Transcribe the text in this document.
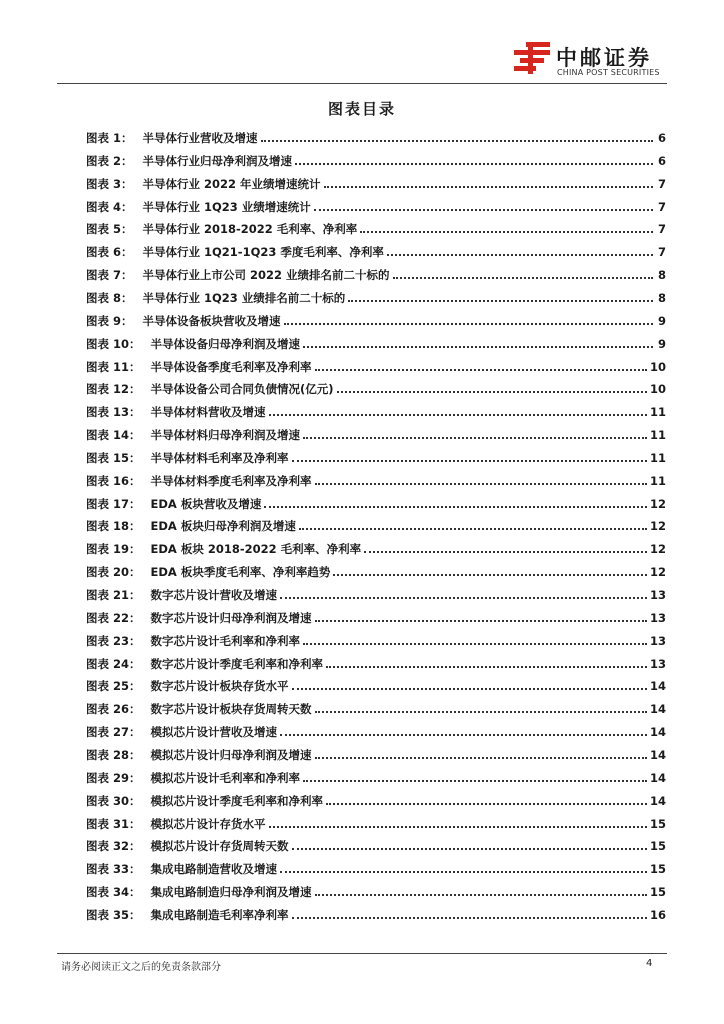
中邮证券
CHINA POST SECURITIES
图表目录
图表 1： 半导体行业营收及增速	6
图表 2： 半导体行业归母净利润及增速	6
图表 3： 半导体行业 2022 年业绩增速统计	7
图表 4： 半导体行业 1Q23 业绩增速统计	7
图表 5： 半导体行业 2018-2022 毛利率、净利率	7
图表 6： 半导体行业 1Q21-1Q23 季度毛利率、净利率	7
图表 7： 半导体行业上市公司 2022 业绩排名前二十标的	8
图表 8： 半导体行业 1Q23 业绩排名前二十标的	8
图表 9： 半导体设备板块营收及增速	9
图表 10： 半导体设备归母净利润及增速	9
图表 11： 半导体设备季度毛利率及净利率	10
图表 12： 半导体设备公司合同负债情况(亿元)	10
图表 13： 半导体材料营收及增速	11
图表 14： 半导体材料归母净利润及增速	11
图表 15： 半导体材料毛利率及净利率	11
图表 16： 半导体材料季度毛利率及净利率	11
图表 17： EDA 板块营收及增速	12
图表 18： EDA 板块归母净利润及增速	12
图表 19： EDA 板块 2018-2022 毛利率、净利率	12
图表 20： EDA 板块季度毛利率、净利率趋势	12
图表 21： 数字芯片设计营收及增速	13
图表 22： 数字芯片设计归母净利润及增速	13
图表 23： 数字芯片设计毛利率和净利率	13
图表 24： 数字芯片设计季度毛利率和净利率	13
图表 25： 数字芯片设计板块存货水平	14
图表 26： 数字芯片设计板块存货周转天数	14
图表 27： 模拟芯片设计营收及增速	14
图表 28： 模拟芯片设计归母净利润及增速	14
图表 29： 模拟芯片设计毛利率和净利率	14
图表 30： 模拟芯片设计季度毛利率和净利率	14
图表 31： 模拟芯片设计存货水平	15
图表 32： 模拟芯片设计存货周转天数	15
图表 33： 集成电路制造营收及增速	15
图表 34： 集成电路制造归母净利润及增速	15
图表 35： 集成电路制造毛利率净利率	16
请务必阅读正文之后的免责条款部分	4
